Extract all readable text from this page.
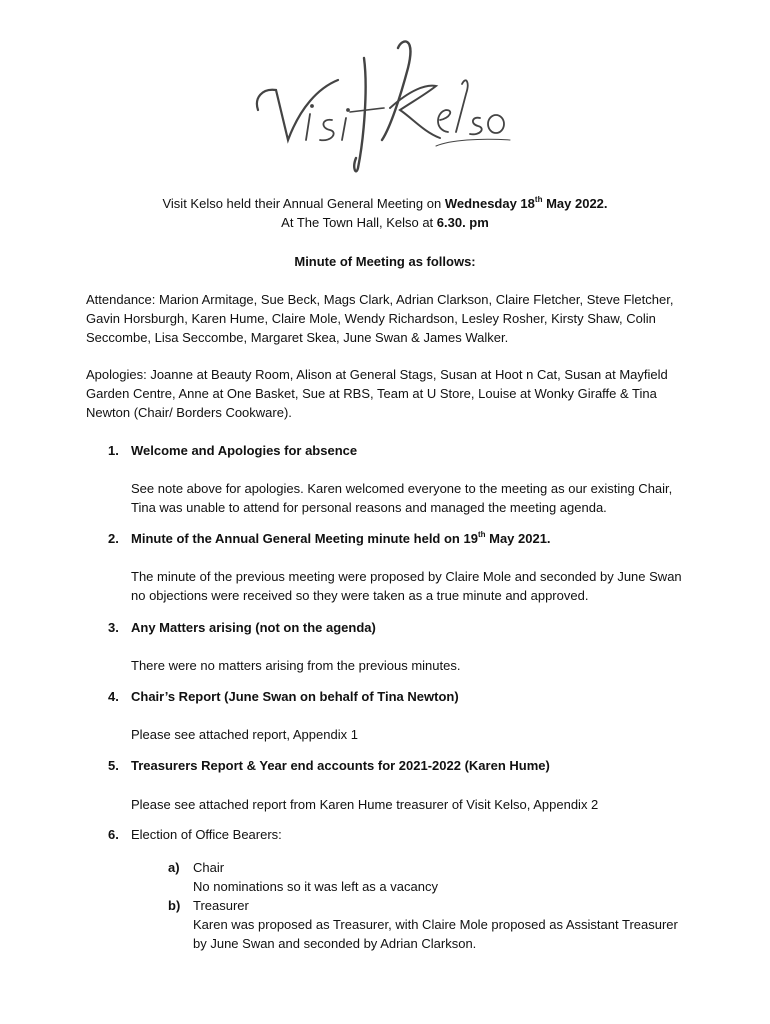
Visit Kelso held their Annual General Meeting on Wednesday 18th May 2022.
At The Town Hall, Kelso at 6.30. pm
Minute of Meeting as follows:
Attendance: Marion Armitage, Sue Beck, Mags Clark, Adrian Clarkson, Claire Fletcher, Steve Fletcher, Gavin Horsburgh, Karen Hume, Claire Mole, Wendy Richardson, Lesley Rosher, Kirsty Shaw, Colin Seccombe, Lisa Seccombe, Margaret Skea, June Swan & James Walker.
Apologies: Joanne at Beauty Room, Alison at General Stags, Susan at Hoot n Cat, Susan at Mayfield Garden Centre, Anne at One Basket, Sue at RBS, Team at U Store, Louise at Wonky Giraffe & Tina Newton (Chair/ Borders Cookware).
1. Welcome and Apologies for absence
See note above for apologies. Karen welcomed everyone to the meeting as our existing Chair, Tina was unable to attend for personal reasons and managed the meeting agenda.
2. Minute of the Annual General Meeting minute held on 19th May 2021.
The minute of the previous meeting were proposed by Claire Mole and seconded by June Swan no objections were received so they were taken as a true minute and approved.
3. Any Matters arising (not on the agenda)
There were no matters arising from the previous minutes.
4. Chair’s Report (June Swan on behalf of Tina Newton)
Please see attached report, Appendix 1
5. Treasurers Report & Year end accounts for 2021-2022 (Karen Hume)
Please see attached report from Karen Hume treasurer of Visit Kelso, Appendix 2
6. Election of Office Bearers:
a) Chair
No nominations so it was left as a vacancy
b) Treasurer
Karen was proposed as Treasurer, with Claire Mole proposed as Assistant Treasurer by June Swan and seconded by Adrian Clarkson.
